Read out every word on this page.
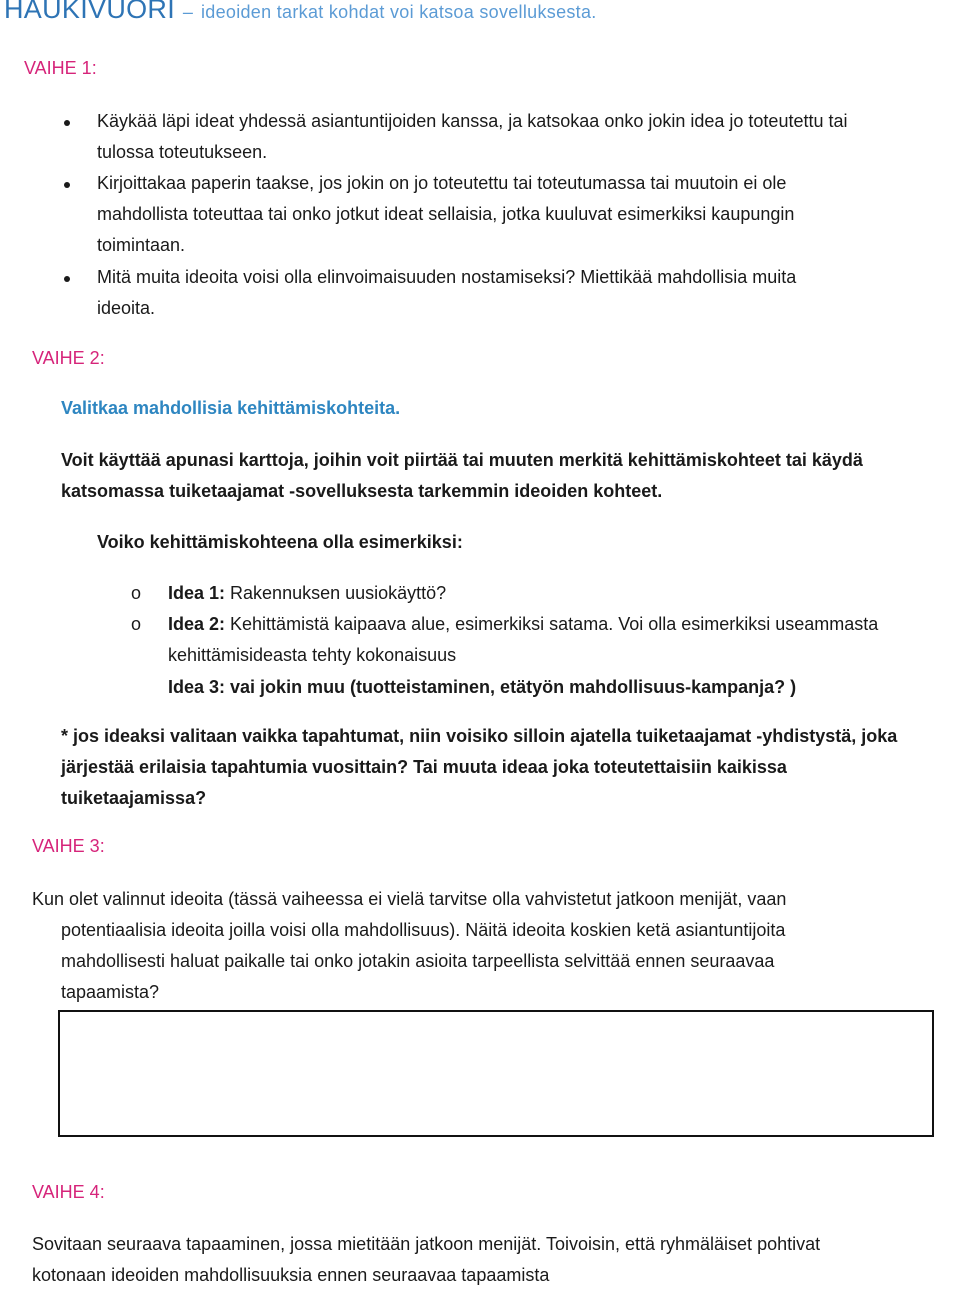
HAUKIVUORI – ideoiden tarkat kohdat voi katsoa sovelluksesta.
VAIHE 1:
Käykää läpi ideat yhdessä asiantuntijoiden kanssa, ja katsokaa onko jokin idea jo toteutettu tai
tulossa toteutukseen.
Kirjoittakaa paperin taakse, jos jokin on jo toteutettu tai toteutumassa tai muutoin ei ole
mahdollista toteuttaa tai onko jotkut ideat sellaisia, jotka kuuluvat esimerkiksi kaupungin
toimintaan.
Mitä muita ideoita voisi olla elinvoimaisuuden nostamiseksi? Miettikää mahdollisia muita
ideoita.
VAIHE 2:
Valitkaa mahdollisia kehittämiskohteita.
Voit käyttää apunasi karttoja, joihin voit piirtää tai muuten merkitä kehittämiskohteet tai käydä
katsomassa tuiketaajamat -sovelluksesta tarkemmin ideoiden kohteet.
Voiko kehittämiskohteena olla esimerkiksi:
o Idea 1: Rakennuksen uusiokäyttö?
o Idea 2: Kehittämistä kaipaava alue, esimerkiksi satama. Voi olla esimerkiksi useammasta
kehittämisideasta tehty kokonaisuus
Idea 3: vai jokin muu (tuotteistaminen, etätyön mahdollisuus-kampanja? )
* jos ideaksi valitaan vaikka tapahtumat, niin voisiko silloin ajatella tuiketaajamat -yhdistystä, joka
järjestää erilaisia tapahtumia vuosittain? Tai muuta ideaa joka toteutettaisiin kaikissa
tuiketaajamissa?
VAIHE 3:
Kun olet valinnut ideoita (tässä vaiheessa ei vielä tarvitse olla vahvistetut jatkoon menijät, vaan
potentiaalisia ideoita joilla voisi olla mahdollisuus). Näitä ideoita koskien ketä asiantuntijoita
mahdollisesti haluat paikalle tai onko jotakin asioita tarpeellista selvittää ennen seuraavaa
tapaamista?
VAIHE 4:
Sovitaan seuraava tapaaminen, jossa mietitään jatkoon menijät. Toivoisin, että ryhmäläiset pohtivat
kotonaan ideoiden mahdollisuuksia ennen seuraavaa tapaamista
